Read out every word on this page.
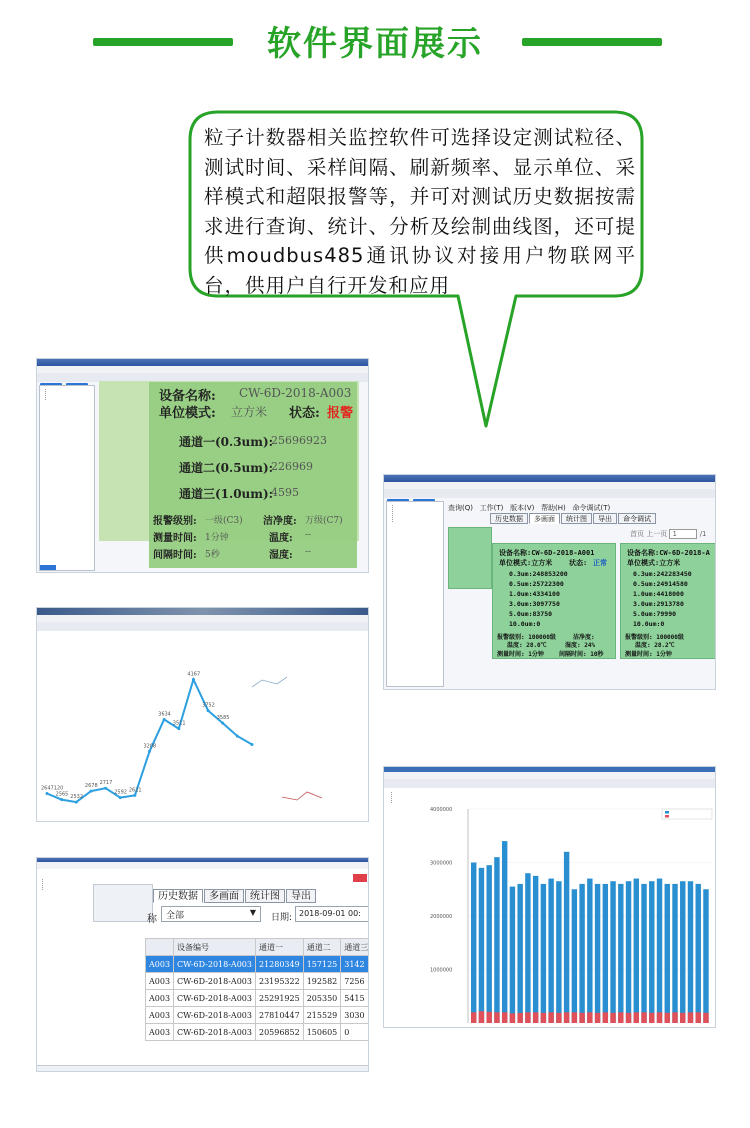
软件界面展示
粒子计数器相关监控软件可选择设定测试粒径、测试时间、采样间隔、刷新频率、显示单位、采样模式和超限报警等，并可对测试历史数据按需求进行查询、统计、分析及绘制曲线图，还可提供moudbus485通讯协议对接用户物联网平台，供用户自行开发和应用
设备名称: CW-6D-2018-A003
单位模式: 立方米 状态: 报警
通道一(0.3um):
25696923
通道二(0.5um):
226969
通道三(1.0um):
4595
报警级别: 一级(C3) 洁净度: 万级(C7)
测量时间: 1分钟	温度: --
间隔时间: 5秒	湿度: --
查询(Q) 工作(T) 版本(V) 帮助(H) 命令调试(T)
历史数据 多画面 统计图 导出 命令调试
首页 上一页 1	/1
设备名称:CW-6D-2018-A001
单位模式:立方米 状态: 正常
0.3um:248853200
0.5um:25722300
1.0um:4334100
3.0um:3097750
5.0um:83750
10.0um:0
报警级别: 100000级	洁净度:
温度: 28.0℃	湿度: 24%
测量时间: 1分钟	间隔时间: 10秒
设备名称:CW-6D-2018-A
单位模式:立方米
0.3um:242283450
0.5um:24914580
1.0um:4418000
3.0um:2913780
5.0um:79990
10.0um:0
报警级别: 100000级
温度: 28.2℃
测量时间: 1分钟
2647120
2565 2532
2678 2717
2592 2621
3208
3634
3511
4167
3752
3585
历史数据 多画面 统计图 导出
称	全部	▼
日期: 2018-09-01 00:
	设备编号	通道一	通道二	通道三
A003	CW-6D-2018-A003	21280349	157125	3142
A003	CW-6D-2018-A003	23195322	192582	7256
A003	CW-6D-2018-A003	25291925	205350	5415
A003	CW-6D-2018-A003	27810447	215529	3030
A003	CW-6D-2018-A003	20596852	150605	0
4000000
3000000
2000000
1000000
